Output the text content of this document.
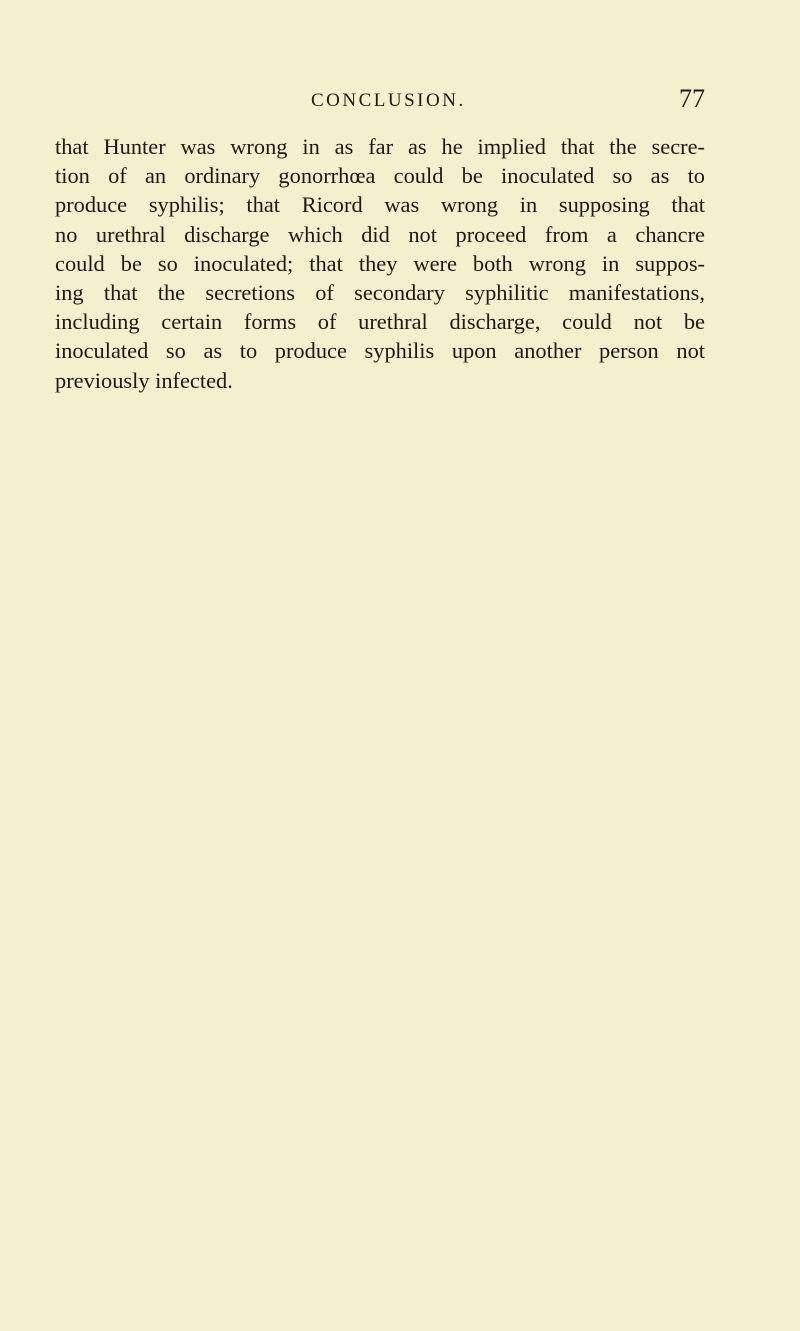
CONCLUSION.	77
that Hunter was wrong in as far as he implied that the secre-
tion of an ordinary gonorrhœa could be inoculated so as to
produce syphilis; that Ricord was wrong in supposing that
no urethral discharge which did not proceed from a chancre
could be so inoculated; that they were both wrong in suppos-
ing that the secretions of secondary syphilitic manifestations,
including certain forms of urethral discharge, could not be
inoculated so as to produce syphilis upon another person not
previously infected.
